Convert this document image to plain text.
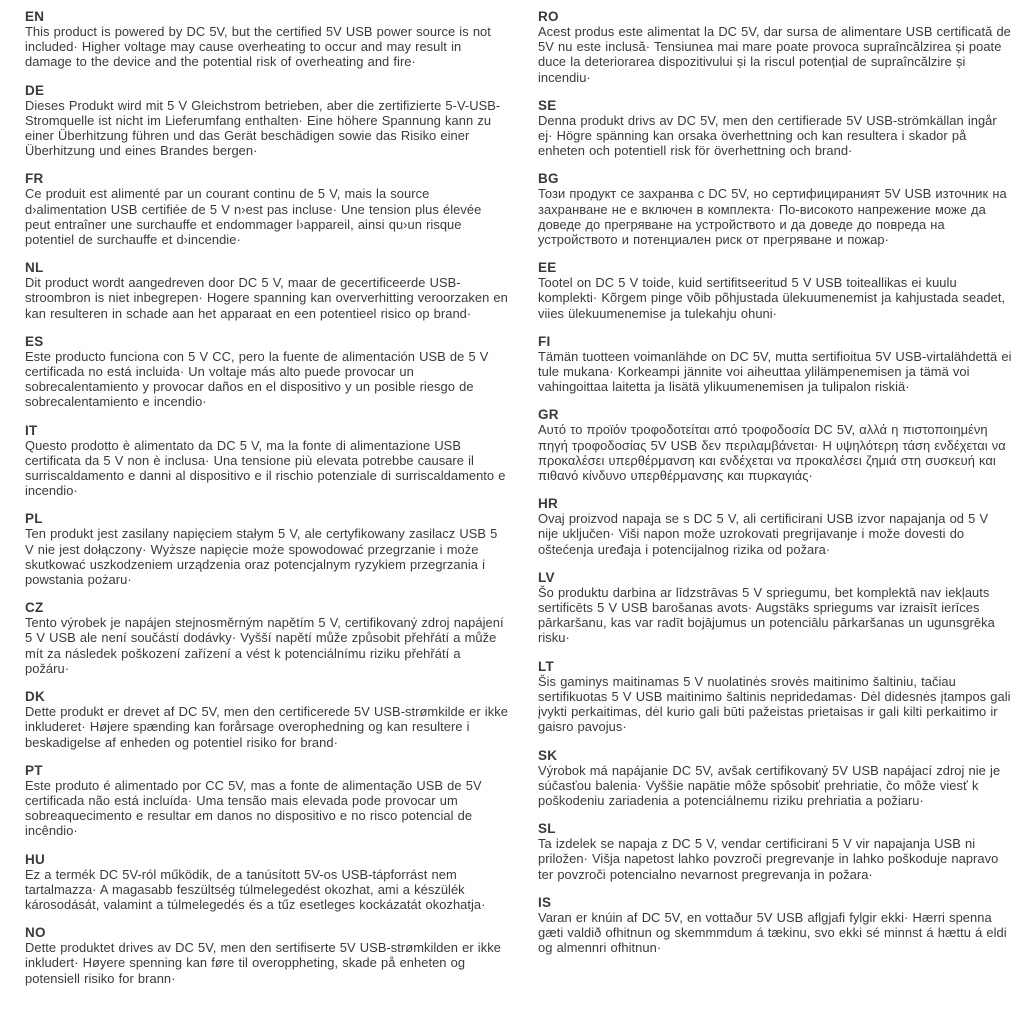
EN

This product is powered by DC 5V, but the certified 5V USB power source is not included· Higher voltage may cause overheating to occur and may result in damage to the device and the potential risk of overheating and fire·

DE

Dieses Produkt wird mit 5 V Gleichstrom betrieben, aber die zertifizierte 5-V-USB-Stromquelle ist nicht im Lieferumfang enthalten· Eine höhere Spannung kann zu einer Überhitzung führen und das Gerät beschädigen sowie das Risiko einer Überhitzung und eines Brandes bergen·

FR

Ce produit est alimenté par un courant continu de 5 V, mais la source d›alimentation USB certifiée de 5 V n›est pas incluse· Une tension plus élevée peut entraîner une surchauffe et endommager l›appareil, ainsi qu›un risque potentiel de surchauffe et d›incendie·

NL

Dit product wordt aangedreven door DC 5 V, maar de gecertificeerde USB-stroombron is niet inbegrepen· Hogere spanning kan oververhitting veroorzaken en kan resulteren in schade aan het apparaat en een potentieel risico op brand·

ES

Este producto funciona con 5 V CC, pero la fuente de alimentación USB de 5 V certificada no está incluida· Un voltaje más alto puede provocar un sobrecalentamiento y provocar daños en el dispositivo y un posible riesgo de sobrecalentamiento e incendio·

IT

Questo prodotto è alimentato da DC 5 V, ma la fonte di alimentazione USB certificata da 5 V non è inclusa· Una tensione più elevata potrebbe causare il surriscaldamento e danni al dispositivo e il rischio potenziale di surriscaldamento e incendio·

PL

Ten produkt jest zasilany napięciem stałym 5 V, ale certyfikowany zasilacz USB 5 V nie jest dołączony· Wyższe napięcie może spowodować przegrzanie i może skutkować uszkodzeniem urządzenia oraz potencjalnym ryzykiem przegrzania i powstania pożaru·

CZ

Tento výrobek je napájen stejnosměrným napětím 5 V, certifikovaný zdroj napájení 5 V USB ale není součástí dodávky· Vyšší napětí může způsobit přehřátí a může mít za následek poškození zařízení a vést k potenciálnímu riziku přehřátí a požáru·

DK

Dette produkt er drevet af DC 5V, men den certificerede 5V USB-strømkilde er ikke inkluderet· Højere spænding kan forårsage overophedning og kan resultere i beskadigelse af enheden og potentiel risiko for brand·

PT

Este produto é alimentado por CC 5V, mas a fonte de alimentação USB de 5V certificada não está incluída· Uma tensão mais elevada pode provocar um sobreaquecimento e resultar em danos no dispositivo e no risco potencial de incêndio·

HU

Ez a termék DC 5V-ról működik, de a tanúsított 5V-os USB-tápforrást nem tartalmazza· A magasabb feszültség túlmelegedést okozhat, ami a készülék károsodását, valamint a túlmelegedés és a tűz esetleges kockázatát okozhatja·

NO

Dette produktet drives av DC 5V, men den sertifiserte 5V USB-strømkilden er ikke inkludert· Høyere spenning kan føre til overoppheting, skade på enheten og potensiell risiko for brann·

RO

Acest produs este alimentat la DC 5V, dar sursa de alimentare USB certificată de 5V nu este inclusă· Tensiunea mai mare poate provoca supraîncălzirea și poate duce la deteriorarea dispozitivului și la riscul potențial de supraîncălzire și incendiu·

SE

Denna produkt drivs av DC 5V, men den certifierade 5V USB-strömkällan ingår ej· Högre spänning kan orsaka överhettning och kan resultera i skador på enheten och potentiell risk för överhettning och brand·

BG

Този продукт се захранва с DC 5V, но сертифицираният 5V USB източник на захранване не е включен в комплекта· По-високото напрежение може да доведе до прегряване на устройството и да доведе до повреда на устройството и потенциален риск от прегряване и пожар·

EE

Tootel on DC 5 V toide, kuid sertifitseeritud 5 V USB toiteallikas ei kuulu komplekti· Kõrgem pinge võib põhjustada ülekuumenemist ja kahjustada seadet, viies ülekuumenemise ja tulekahju ohuni·

FI

Tämän tuotteen voimanlähde on DC 5V, mutta sertifioitua 5V USB-virtalähdettä ei tule mukana· Korkeampi jännite voi aiheuttaa ylilämpenemisen ja tämä voi vahingoittaa laitetta ja lisätä ylikuumenemisen ja tulipalon riskiä·

GR

Αυτό το προϊόν τροφοδοτείται από τροφοδοσία DC 5V, αλλά η πιστοποιημένη πηγή τροφοδοσίας 5V USB δεν περιλαμβάνεται· Η υψηλότερη τάση ενδέχεται να προκαλέσει υπερθέρμανση και ενδέχεται να προκαλέσει ζημιά στη συσκευή και πιθανό κίνδυνο υπερθέρμανσης και πυρκαγιάς·

HR

Ovaj proizvod napaja se s DC 5 V, ali certificirani USB izvor napajanja od 5 V nije uključen· Viši napon može uzrokovati pregrijavanje i može dovesti do oštećenja uređaja i potencijalnog rizika od požara·

LV

Šo produktu darbina ar līdzstrāvas 5 V spriegumu, bet komplektā nav iekļauts sertificēts 5 V USB barošanas avots· Augstāks spriegums var izraisīt ierīces pārkaršanu, kas var radīt bojājumus un potenciālu pārkaršanas un ugunsgrēka risku·

LT

Šis gaminys maitinamas 5 V nuolatinės srovės maitinimo šaltiniu, tačiau sertifikuotas 5 V USB maitinimo šaltinis nepridedamas· Dėl didesnės įtampos gali įvykti perkaitimas, dėl kurio gali būti pažeistas prietaisas ir gali kilti perkaitimo ir gaisro pavojus·

SK

Výrobok má napájanie DC 5V, avšak certifikovaný 5V USB napájací zdroj nie je súčasťou balenia· Vyššie napätie môže spôsobiť prehriatie, čo môže viesť k poškodeniu zariadenia a potenciálnemu riziku prehriatia a požiaru·

SL

Ta izdelek se napaja z DC 5 V, vendar certificirani 5 V vir napajanja USB ni priložen· Višja napetost lahko povzroči pregrevanje in lahko poškoduje napravo ter povzroči potencialno nevarnost pregrevanja in požara·

IS

Varan er knúin af DC 5V, en vottaður 5V USB aflgjafi fylgir ekki· Hærri spenna gæti valdið ofhitnun og skemmmdum á tækinu, svo ekki sé minnst á hættu á eldi og almennri ofhitnun·
